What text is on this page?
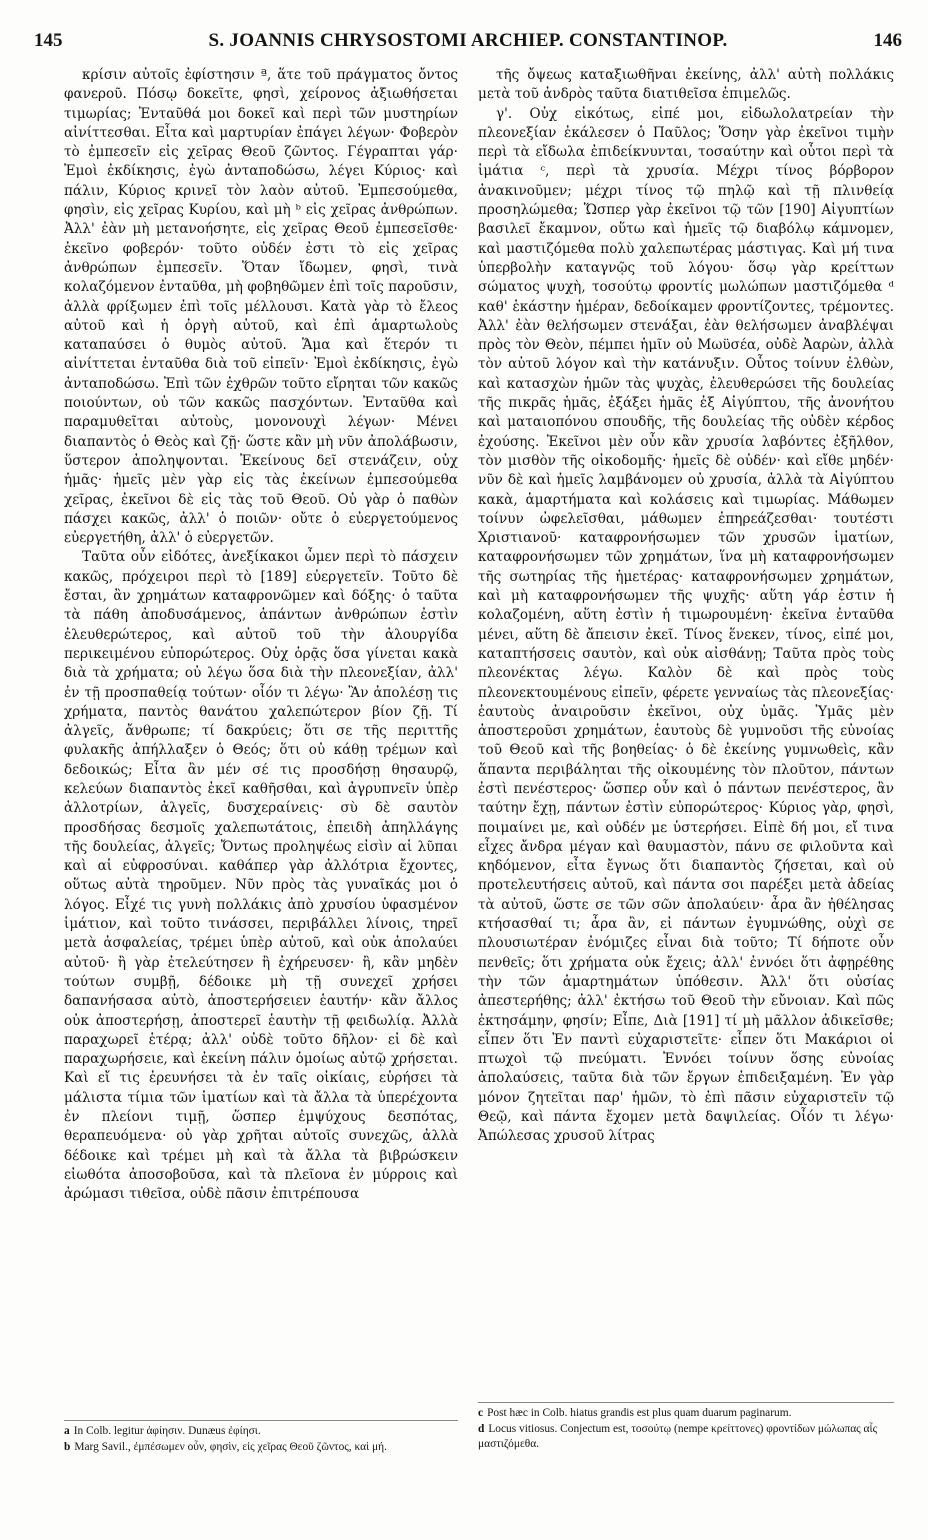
145	S. JOANNIS CHRYSOSTOMI ARCHIEP. CONSTANTINOP.	146

κρίσιν αὐτοῖς ἐφίστησιν ª, ἅτε τοῦ πράγματος ὄντος φανεροῦ. Πόσῳ δοκεῖτε, φησὶ, χείρονος ἀξιωθήσεται τιμωρίας; Ἐνταῦθά μοι δοκεῖ καὶ περὶ τῶν μυστηρίων αἰνίττεσθαι. Εἶτα καὶ μαρτυρίαν ἐπάγει λέγων· Φοβερὸν τὸ ἐμπεσεῖν εἰς χεῖρας Θεοῦ ζῶντος. Γέγραπται γάρ· Ἐμοὶ ἐκδίκησις, ἐγὼ ἀνταποδώσω, λέγει Κύριος· καὶ πάλιν, Κύριος κρινεῖ τὸν λαὸν αὐτοῦ. Ἐμπεσούμεθα, φησὶν, εἰς χεῖρας Κυρίου, καὶ μὴ ᵇ εἰς χεῖρας ἀνθρώπων. Ἀλλ' ἐὰν μὴ μετανοήσητε, εἰς χεῖρας Θεοῦ ἐμπεσεῖσθε· ἐκεῖνο φοβερόν· τοῦτο οὐδέν ἐστι τὸ εἰς χεῖρας ἀνθρώπων ἐμπεσεῖν. Ὅταν ἴδωμεν, φησὶ, τινὰ κολαζόμενον ἐνταῦθα, μὴ φοβηθῶμεν ἐπὶ τοῖς παροῦσιν, ἀλλὰ φρίξωμεν ἐπὶ τοῖς μέλλουσι. Κατὰ γὰρ τὸ ἔλεος αὐτοῦ καὶ ἡ ὀργὴ αὐτοῦ, καὶ ἐπὶ ἁμαρτωλοὺς καταπαύσει ὁ θυμὸς αὐτοῦ. Ἅμα καὶ ἕτερόν τι αἰνίττεται ἐνταῦθα διὰ τοῦ εἰπεῖν· Ἐμοὶ ἐκδίκησις, ἐγὼ ἀνταποδώσω. Ἐπὶ τῶν ἐχθρῶν τοῦτο εἴρηται τῶν κακῶς ποιούντων, οὐ τῶν κακῶς πασχόντων. Ἐνταῦθα καὶ παραμυθεῖται αὐτοὺς, μονονουχὶ λέγων· Μένει διαπαντὸς ὁ Θεὸς καὶ ζῇ· ὥστε κἂν μὴ νῦν ἀπολάβωσιν, ὕστερον ἀποληψονται. Ἐκείνους δεῖ στενάζειν, οὐχ ἡμᾶς· ἡμεῖς μὲν γὰρ εἰς τὰς ἐκείνων ἐμπεσούμεθα χεῖρας, ἐκεῖνοι δὲ εἰς τὰς τοῦ Θεοῦ. Οὐ γὰρ ὁ παθὼν πάσχει κακῶς, ἀλλ' ὁ ποιῶν· οὔτε ὁ εὐεργετούμενος εὐεργετήθη, ἀλλ' ὁ εὐεργετῶν.

Ταῦτα οὖν εἰδότες, ἀνεξίκακοι ὦμεν περὶ τὸ πάσχειν κακῶς, πρόχειροι περὶ τὸ [189] εὐεργετεῖν. Τοῦτο δὲ ἔσται, ἂν χρημάτων καταφρονῶμεν καὶ δόξης· ὁ ταῦτα τὰ πάθη ἀποδυσάμενος, ἁπάντων ἀνθρώπων ἐστὶν ἐλευθερώτερος, καὶ αὐτοῦ τοῦ τὴν ἁλουργίδα περικειμένου εὐπορώτερος. Οὐχ ὁρᾷς ὅσα γίνεται κακὰ διὰ τὰ χρήματα; οὐ λέγω ὅσα διὰ τὴν πλεονεξίαν, ἀλλ' ἐν τῇ προσπαθείᾳ τούτων· οἷόν τι λέγω· Ἂν ἀπολέσῃ τις χρήματα, παντὸς θανάτου χαλεπώτερον βίον ζῇ. Τί ἀλγεῖς, ἄνθρωπε; τί δακρύεις; ὅτι σε τῆς περιττῆς φυλακῆς ἀπήλλαξεν ὁ Θεός; ὅτι οὐ κάθῃ τρέμων καὶ δεδοικώς; Εἶτα ἂν μέν σέ τις προσδήσῃ θησαυρῷ, κελεύων διαπαντὸς ἐκεῖ καθῆσθαι, καὶ ἀγρυπνεῖν ὑπὲρ ἀλλοτρίων, ἀλγεῖς, δυσχεραίνεις· σὺ δὲ σαυτὸν προσδήσας δεσμοῖς χαλεπωτάτοις, ἐπειδὴ ἀπηλλάγης τῆς δουλείας, ἀλγεῖς; Ὄντως προληψέως εἰσὶν αἱ λῦπαι καὶ αἱ εὐφροσύναι. καθάπερ γὰρ ἀλλότρια ἔχοντες, οὕτως αὐτὰ τηροῦμεν. Νῦν πρὸς τὰς γυναῖκάς μοι ὁ λόγος. Εἶχέ τις γυνὴ πολλάκις ἀπὸ χρυσίου ὑφασμένον ἱμάτιον, καὶ τοῦτο τινάσσει, περιβάλλει λίνοις, τηρεῖ μετὰ ἀσφαλείας, τρέμει ὑπὲρ αὐτοῦ, καὶ οὐκ ἀπολαύει αὐτοῦ· ἢ γὰρ ἐτελεύτησεν ἢ ἐχήρευσεν· ἢ, κἂν μηδὲν τούτων συμβῇ, δέδοικε μὴ τῇ συνεχεῖ χρήσει δαπανήσασα αὐτὸ, ἀποστερήσειεν ἑαυτήν· κἂν ἄλλος οὐκ ἀποστερήσῃ, ἀποστερεῖ ἑαυτὴν τῇ φειδωλίᾳ. Ἀλλὰ παραχωρεῖ ἑτέρᾳ; ἀλλ' οὐδὲ τοῦτο δῆλον· εἰ δὲ καὶ παραχωρήσειε, καὶ ἐκείνη πάλιν ὁμοίως αὐτῷ χρήσεται. Καὶ εἴ τις ἐρευνήσει τὰ ἐν ταῖς οἰκίαις, εὑρήσει τὰ μάλιστα τίμια τῶν ἱματίων καὶ τὰ ἄλλα τὰ ὑπερέχοντα ἐν πλείονι τιμῇ, ὥσπερ ἐμψύχους δεσπότας, θεραπευόμενα· οὐ γὰρ χρῆται αὐτοῖς συνεχῶς, ἀλλὰ δέδοικε καὶ τρέμει μὴ καὶ τὰ ἄλλα τὰ βιβρώσκειν εἰωθότα ἀποσοβοῦσα, καὶ τὰ πλεῖονα ἐν μύρροις καὶ ἀρώμασι τιθεῖσα, οὐδὲ πᾶσιν ἐπιτρέπουσα

τῆς ὄψεως καταξιωθῆναι ἐκείνης, ἀλλ' αὐτὴ πολλάκις μετὰ τοῦ ἀνδρὸς ταῦτα διατιθεῖσα ἐπιμελῶς.

γ'. Οὐχ εἰκότως, εἰπέ μοι, εἰδωλολατρείαν τὴν πλεονεξίαν ἐκάλεσεν ὁ Παῦλος; Ὅσην γὰρ ἐκεῖνοι τιμὴν περὶ τὰ εἴδωλα ἐπιδείκνυνται, τοσαύτην καὶ οὗτοι περὶ τὰ ἱμάτια ᶜ, περὶ τὰ χρυσία. Μέχρι τίνος βόρβορον ἀνακινοῦμεν; μέχρι τίνος τῷ πηλῷ καὶ τῇ πλινθείᾳ προσηλώμεθα; Ὥσπερ γὰρ ἐκεῖνοι τῷ τῶν [190] Αἰγυπτίων βασιλεῖ ἔκαμνον, οὕτω καὶ ἡμεῖς τῷ διαβόλῳ κάμνομεν, καὶ μαστιζόμεθα πολὺ χαλεπωτέρας μάστιγας. Καὶ μή τινα ὑπερβολὴν καταγνῷς τοῦ λόγου· ὅσῳ γὰρ κρείττων σώματος ψυχὴ, τοσούτῳ φροντίς μωλώπων μαστιζόμεθα ᵈ καθ' ἑκάστην ἡμέραν, δεδοίκαμεν φροντίζοντες, τρέμοντες. Ἀλλ' ἐὰν θελήσωμεν στενάξαι, ἐὰν θελήσωμεν ἀναβλέψαι πρὸς τὸν Θεὸν, πέμπει ἡμῖν οὐ Μωϋσέα, οὐδὲ Ἀαρὼν, ἀλλὰ τὸν αὐτοῦ λόγον καὶ τὴν κατάνυξιν. Οὗτος τοίνυν ἐλθὼν, καὶ κατασχὼν ἡμῶν τὰς ψυχὰς, ἐλευθερώσει τῆς δουλείας τῆς πικρᾶς ἡμᾶς, ἐξάξει ἡμᾶς ἐξ Αἰγύπτου, τῆς ἀνονήτου καὶ ματαιοπόνου σπουδῆς, τῆς δουλείας τῆς οὐδὲν κέρδος ἐχούσης. Ἐκεῖνοι μὲν οὖν κἂν χρυσία λαβόντες ἐξῆλθον, τὸν μισθὸν τῆς οἰκοδομῆς· ἡμεῖς δὲ οὐδέν· καὶ εἴθε μηδέν· νῦν δὲ καὶ ἡμεῖς λαμβάνομεν οὐ χρυσία, ἀλλὰ τὰ Αἰγύπτου κακὰ, ἁμαρτήματα καὶ κολάσεις καὶ τιμωρίας. Μάθωμεν τοίνυν ὠφελεῖσθαι, μάθωμεν ἐπηρεάζεσθαι· τουτέστι Χριστιανοῦ· καταφρονήσωμεν τῶν χρυσῶν ἱματίων, καταφρονήσωμεν τῶν χρημάτων, ἵνα μὴ καταφρονήσωμεν τῆς σωτηρίας τῆς ἡμετέρας· καταφρονήσωμεν χρημάτων, καὶ μὴ καταφρονήσωμεν τῆς ψυχῆς· αὕτη γάρ ἐστιν ἡ κολαζομένη, αὕτη ἐστὶν ἡ τιμωρουμένη· ἐκεῖνα ἐνταῦθα μένει, αὕτη δὲ ἄπεισιν ἐκεῖ. Τίνος ἕνεκεν, τίνος, εἰπέ μοι, καταπτήσσεις σαυτὸν, καὶ οὐκ αἰσθάνῃ; Ταῦτα πρὸς τοὺς πλεονέκτας λέγω. Καλὸν δὲ καὶ πρὸς τοὺς πλεονεκτουμένους εἰπεῖν, φέρετε γενναίως τὰς πλεονεξίας· ἑαυτοὺς ἀναιροῦσιν ἐκεῖνοι, οὐχ ὑμᾶς. Ὑμᾶς μὲν ἀποστεροῦσι χρημάτων, ἑαυτοὺς δὲ γυμνοῦσι τῆς εὐνοίας τοῦ Θεοῦ καὶ τῆς βοηθείας· ὁ δὲ ἐκείνης γυμνωθεὶς, κἂν ἅπαντα περιβάληται τῆς οἰκουμένης τὸν πλοῦτον, πάντων ἐστὶ πενέστερος· ὥσπερ οὖν καὶ ὁ πάντων πενέστερος, ἂν ταύτην ἔχῃ, πάντων ἐστὶν εὐπορώτερος· Κύριος γὰρ, φησὶ, ποιμαίνει με, καὶ οὐδέν με ὑστερήσει. Εἰπὲ δή μοι, εἴ τινα εἶχες ἄνδρα μέγαν καὶ θαυμαστὸν, πάνυ σε φιλοῦντα καὶ κηδόμενον, εἶτα ἔγνως ὅτι διαπαντὸς ζήσεται, καὶ οὐ προτελευτήσεις αὐτοῦ, καὶ πάντα σοι παρέξει μετὰ ἀδείας τὰ αὐτοῦ, ὥστε σε τῶν σῶν ἀπολαύειν· ἆρα ἂν ἠθέλησας κτήσασθαί τι; ἆρα ἂν, εἰ πάντων ἐγυμνώθης, οὐχὶ σε πλουσιωτέραν ἐνόμιζες εἶναι διὰ τοῦτο; Τί δήποτε οὖν πενθεῖς; ὅτι χρήματα οὐκ ἔχεις; ἀλλ' ἐννόει ὅτι ἀφῃρέθης τὴν τῶν ἁμαρτημάτων ὑπόθεσιν. Ἀλλ' ὅτι οὐσίας ἀπεστερήθης; ἀλλ' ἐκτήσω τοῦ Θεοῦ τὴν εὔνοιαν. Καὶ πῶς ἐκτησάμην, φησίν; Εἶπε, Διὰ [191] τί μὴ μᾶλλον ἀδικεῖσθε; εἶπεν ὅτι Ἐν παντὶ εὐχαριστεῖτε· εἶπεν ὅτι Μακάριοι οἱ πτωχοὶ τῷ πνεύματι. Ἐννόει τοίνυν ὅσης εὐνοίας ἀπολαύσεις, ταῦτα διὰ τῶν ἔργων ἐπιδειξαμένη. Ἐν γὰρ μόνον ζητεῖται παρ' ἡμῶν, τὸ ἐπὶ πᾶσιν εὐχαριστεῖν τῷ Θεῷ, καὶ πάντα ἔχομεν μετὰ δαψιλείας. Οἷόν τι λέγω· Ἀπώλεσας χρυσοῦ λίτρας

a In Colb. legitur ἀφίησιν. Dunæus ἐφίησι.

b Marg Savil., ἐμπέσωμεν οὖν, φησὶν, εἰς χεῖρας Θεοῦ ζῶντος, καὶ μή.

c Post hæc in Colb. hiatus grandis est plus quam duarum paginarum.

d Locus vitiosus. Conjectum est, τοσούτῳ (nempe κρείττονες) φροντίδων μώλωπας αἷς μαστιζόμεθα.
